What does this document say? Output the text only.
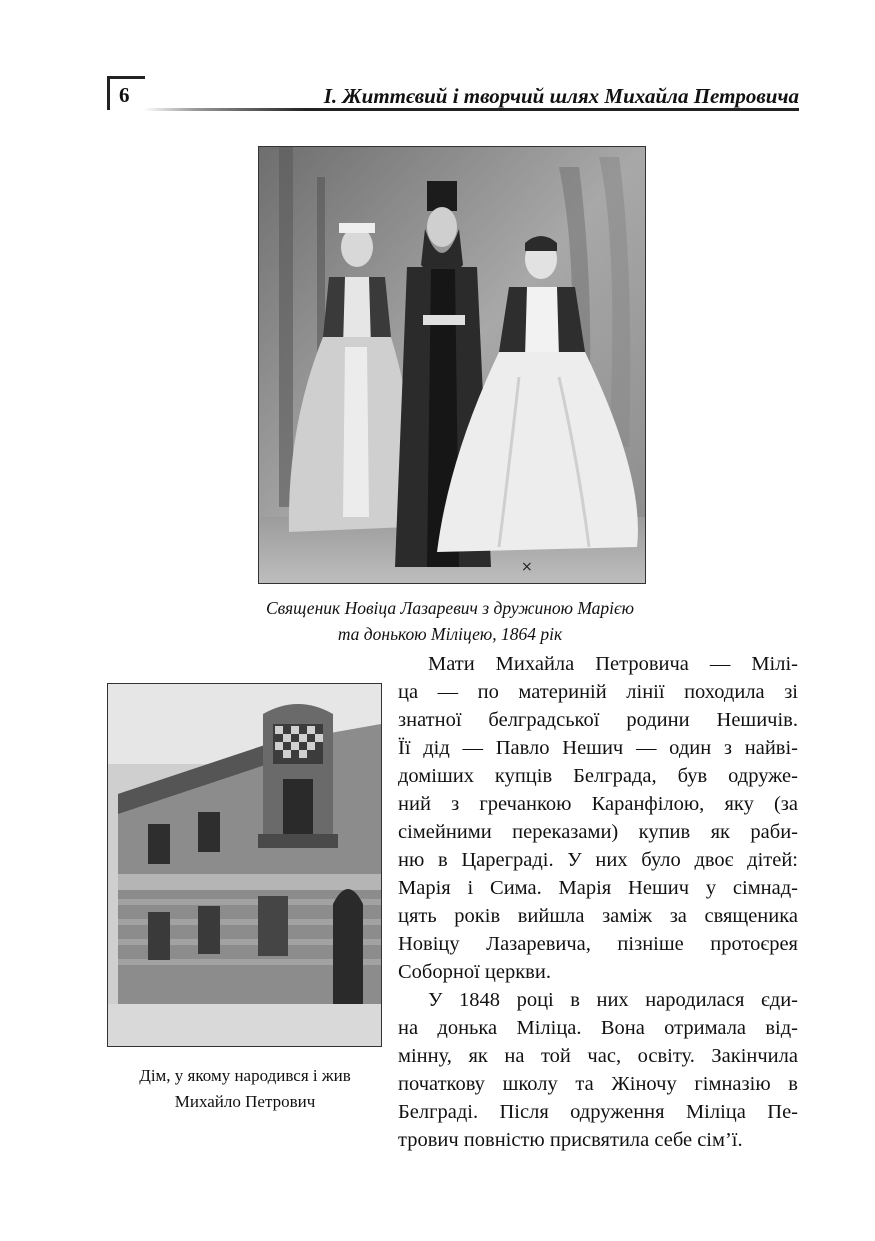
6	І. Життєвий і творчий шлях Михайла Петровича
×
Священик Новіца Лазаревич з дружиною Марією
та донькою Міліцею, 1864 рік
Дім, у якому народився і жив
Михайло Петрович
Мати Михайла Петровича — Мілі-
ца — по материній лінії походила зі
знатної белградської родини Нешичів.
Її дід — Павло Нешич — один з найві-
доміших купців Белграда, був одруже-
ний з гречанкою Каранфілою, яку (за
сімейними переказами) купив як раби-
ню в Цареграді. У них було двоє дітей:
Марія і Сима. Марія Нешич у сімнад-
цять років вийшла заміж за священика
Новіцу Лазаревича, пізніше протоєрея
Соборної церкви.
У 1848 році в них народилася єди-
на донька Міліца. Вона отримала від-
мінну, як на той час, освіту. Закінчила
початкову школу та Жіночу гімназію в
Белграді. Після одруження Міліца Пе-
трович повністю присвятила себе сім’ї.
